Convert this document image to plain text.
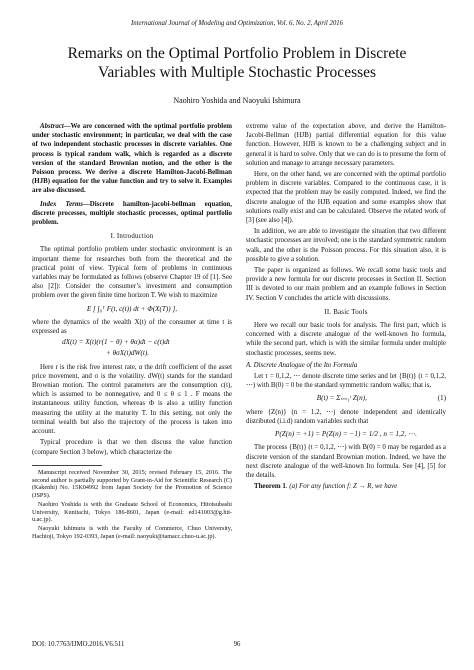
International Journal of Modeling and Optimization, Vol. 6, No. 2, April 2016
Remarks on the Optimal Portfolio Problem in Discrete Variables with Multiple Stochastic Processes
Naohiro Yoshida and Naoyuki Ishimura

Abstract—We are concerned with the optimal portfolio problem under stochastic environment; in particular, we deal with the case of two independent stochastic processes in discrete variables. One process is typical random walk, which is regarded as a discrete version of the standard Brownian motion, and the other is the Poisson process. We derive a discrete Hamilton-Jacobi-Bellman (HJB) equation for the value function and try to solve it. Examples are also discussed.

Index Terms—Discrete hamilton-jacobi-bellman equation, discrete processes, multiple stochastic processes, optimal portfolio problem.

I. Introduction

The optimal portfolio problem under stochastic environment is an important theme for researches both from the theoretical and the practical point of view. Typical form of problems in continuous variables may be formulated as follows (observe Chapter 19 of [1]. See also [2]): Consider the consumer’s investment and consumption problem over the given finite time horizon T. We wish to maximize

E [ ∫₀ᵀ F(t, c(t)) dt + Φ(X(T)) ],

where the dynamics of the wealth X(t) of the consumer at time t is expressed as

dX(t) = X(t)(r(1 − θ) + θα)dt − c(t)dt
+ θσX(t)dW(t).

Here r is the risk free interest rate, α the drift coefficient of the asset price movement, and σ is the volatility. dW(t) stands for the standard Brownian motion. The control parameters are the consumption c(t), which is assumed to be nonnegative, and 0 ≤ θ ≤ 1 . F means the instantaneous utility function, whereas Φ is also a utility function measuring the utility at the maturity T. In this setting, not only the terminal wealth but also the trajectory of the process is taken into account.

Typical procedure is that we then discuss the value function (compare Section 3 below), which characterize the

Manuscript received November 30, 2015; revised February 15, 2016. The second author is partially supported by Grant-in-Aid for Scientific Research (C) (Kakenhi) No. 15K04992 from Japan Society for the Promotion of Science (JSPS).

Naohiro Yoshida is with the Graduate School of Economics, Hitotsubashi University, Kunitachi, Tokyo 186-8601, Japan (e-mail: ed141003@g.hit-u.ac.jp).

Naoyuki Ishimura is with the Faculty of Commerce, Chuo University, Hachioji, Tokyo 192-0393, Japan (e-mail: naoyuki@tamacc.chuo-u.ac.jp).

extreme value of the expectation above, and derive the Hamilton-Jacobi-Bellman (HJB) partial differential equation for this value function. However, HJB is known to be a challenging subject and in general it is hard to solve. Only that we can do is to presume the form of solution and manage to arrange necessary parameters.

Here, on the other hand, we are concerned with the optimal portfolio problem in discrete variables. Compared to the continuous case, it is expected that the problem may be easily computed. Indeed, we find the discrete analogue of the HJB equation and some examples show that solutions really exist and can be calculated. Observe the related work of [3] (see also [4]).

In addition, we are able to investigate the situation that two different stochastic processes are involved; one is the standard symmetric random walk, and the other is the Poisson process. For this situation also, it is possible to give a solution.

The paper is organized as follows. We recall some basic tools and provide a new formula for our discrete processes in Section II. Section III is devoted to our main problem and an example follows in Section IV. Section V concludes the article with discussions.

II. Basic Tools

Here we recall our basic tools for analysis. The first part, which is concerned with a discrete analogue of the well-known Ito formula, while the second part, which is with the similar formula under multiple stochastic processes, seems new.

A. Discrete Analogue of the Ito Formula

Let τ = 0,1,2, ⋯ denote discrete time series and let {B(t)} (t = 0,1,2, ⋯) with B(0) = 0 be the standard symmetric random walks; that is,

B(t) = Σₙ₌₁ᵗ Z(n),	(1)

where {Z(n)} (n = 1,2, ⋯) denote independent and identically distributed (i.i.d) random variables such that

P(Z(n) = +1) = P(Z(n) = −1) = 1/2 , n = 1,2, ⋯.

The process {B(t)} (t = 0,1,2, ⋯) with B(0) = 0 may be regarded as a discrete version of the standard Brownian motion. Indeed, we have the next discrete analogue of the well-known Ito formula. See [4], [5] for the details.

Theorem 1. (a) For any function f: Z → R, we have

DOI: 10.7763/IJMO.2016.V6.511	96
